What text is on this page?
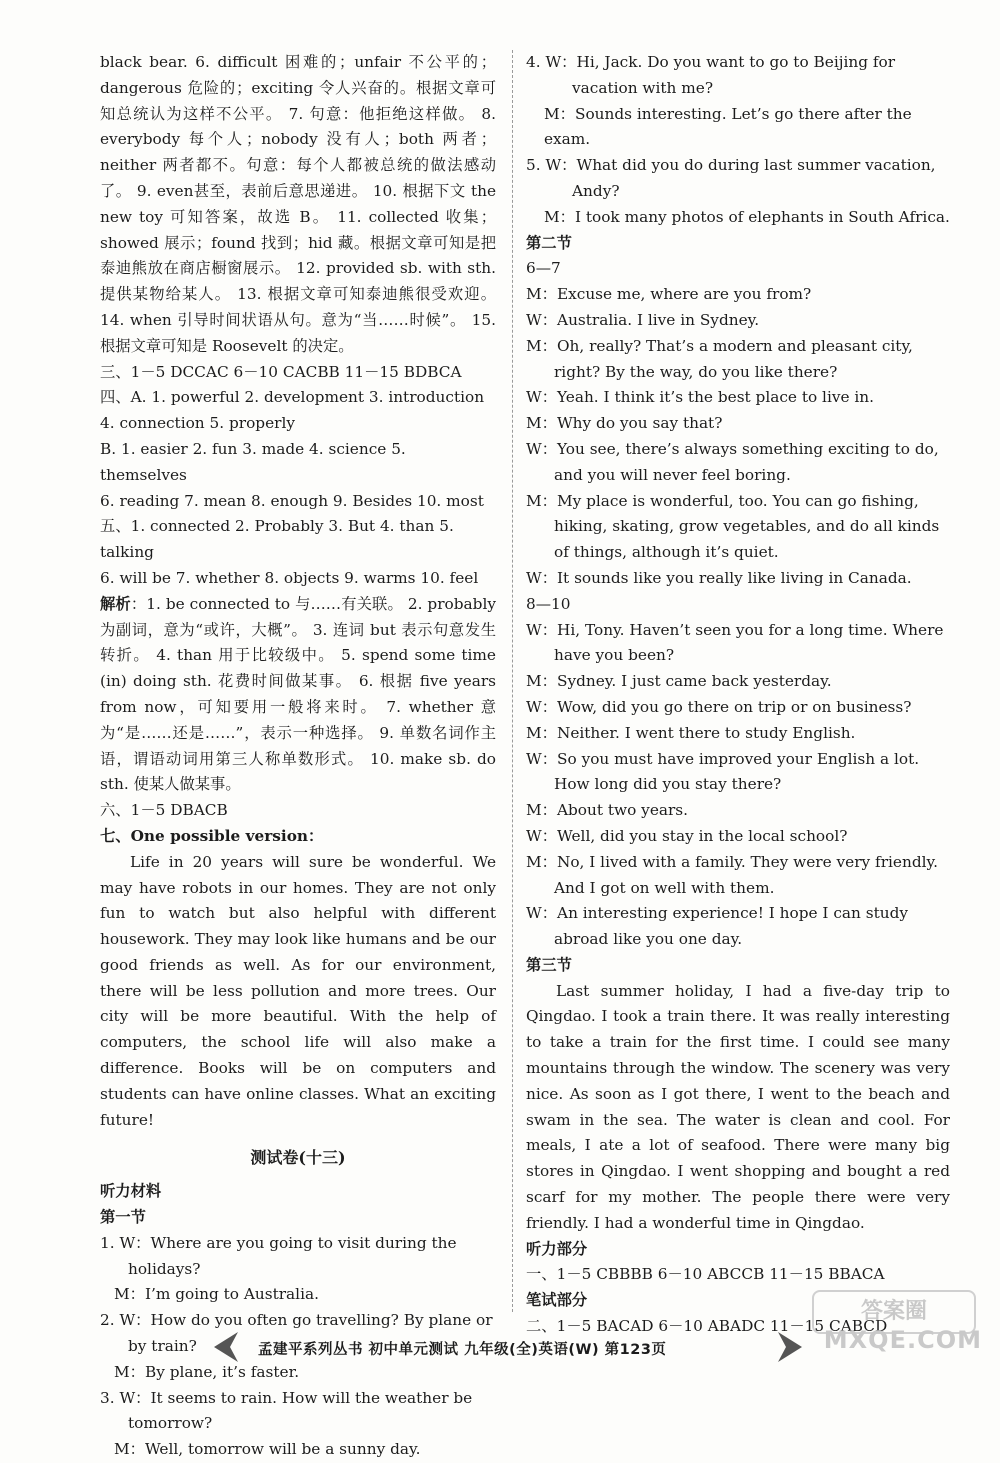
black bear. 6. difficult 困难的；unfair 不公平的；dangerous 危险的；exciting 令人兴奋的。根据文章可知总统认为这样不公平。 7. 句意：他拒绝这样做。 8. everybody 每个人；nobody 没有人；both 两者；neither 两者都不。句意：每个人都被总统的做法感动了。 9. even甚至，表前后意思递进。 10. 根据下文 the new toy 可知答案，故选 B。 11. collected 收集；showed 展示；found 找到；hid 藏。根据文章可知是把泰迪熊放在商店橱窗展示。 12. provided sb. with sth. 提供某物给某人。 13. 根据文章可知泰迪熊很受欢迎。 14. when 引导时间状语从句。意为“当……时候”。 15. 根据文章可知是 Roosevelt 的决定。

三、1－5 DCCAC 6－10 CACBB 11－15 BDBCA
四、A. 1. powerful 2. development 3. introduction
4. connection 5. properly
B. 1. easier 2. fun 3. made 4. science 5. themselves
6. reading 7. mean 8. enough 9. Besides 10. most
五、1. connected 2. Probably 3. But 4. than 5. talking
6. will be 7. whether 8. objects 9. warms 10. feel

解析：1. be connected to 与……有关联。 2. probably 为副词，意为“或许，大概”。 3. 连词 but 表示句意发生转折。 4. than 用于比较级中。 5. spend some time (in) doing sth. 花费时间做某事。 6. 根据 five years from now，可知要用一般将来时。 7. whether 意为“是……还是……”，表示一种选择。 9. 单数名词作主语，谓语动词用第三人称单数形式。 10. make sb. do sth. 使某人做某事。

六、1－5 DBACB
七、One possible version：

Life in 20 years will sure be wonderful. We may have robots in our homes. They are not only fun to watch but also helpful with different housework. They may look like humans and be our good friends as well. As for our environment, there will be less pollution and more trees. Our city will be more beautiful. With the help of computers, the school life will also make a difference. Books will be on computers and students can have online classes. What an exciting future!

测试卷(十三)
听力材料
第一节
1. W：Where are you going to visit during the holidays?
M：I’m going to Australia.
2. W：How do you often go travelling? By plane or by train?
M：By plane, it’s faster.
3. W：It seems to rain. How will the weather be tomorrow?
M：Well, tomorrow will be a sunny day.
4. W：Hi, Jack. Do you want to go to Beijing for vacation with me?
M：Sounds interesting. Let’s go there after the exam.
5. W：What did you do during last summer vacation, Andy?
M：I took many photos of elephants in South Africa.
第二节
6—7
M：Excuse me, where are you from?
W：Australia. I live in Sydney.
M：Oh, really? That’s a modern and pleasant city, right? By the way, do you like there?
W：Yeah. I think it’s the best place to live in.
M：Why do you say that?
W：You see, there’s always something exciting to do, and you will never feel boring.
M：My place is wonderful, too. You can go fishing, hiking, skating, grow vegetables, and do all kinds of things, although it’s quiet.
W：It sounds like you really like living in Canada.
8—10
W：Hi, Tony. Haven’t seen you for a long time. Where have you been?
M：Sydney. I just came back yesterday.
W：Wow, did you go there on trip or on business?
M：Neither. I went there to study English.
W：So you must have improved your English a lot. How long did you stay there?
M：About two years.
W：Well, did you stay in the local school?
M：No, I lived with a family. They were very friendly. And I got on well with them.
W：An interesting experience! I hope I can study abroad like you one day.
第三节

Last summer holiday, I had a five-day trip to Qingdao. I took a train there. It was really interesting to take a train for the first time. I could see many mountains through the window. The scenery was very nice. As soon as I got there, I went to the beach and swam in the sea. The water is clean and cool. For meals, I ate a lot of seafood. There were many big stores in Qingdao. I went shopping and bought a red scarf for my mother. The people there were very friendly. I had a wonderful time in Qingdao.

听力部分
一、1－5 CBBBB 6－10 ABCCB 11－15 BBACA
笔试部分
二、1－5 BACAD 6－10 ABADC 11－15 CABCD
孟建平系列丛书 初中单元测试 九年级(全)英语(W) 第123页
答案圈
MXQE.COM
